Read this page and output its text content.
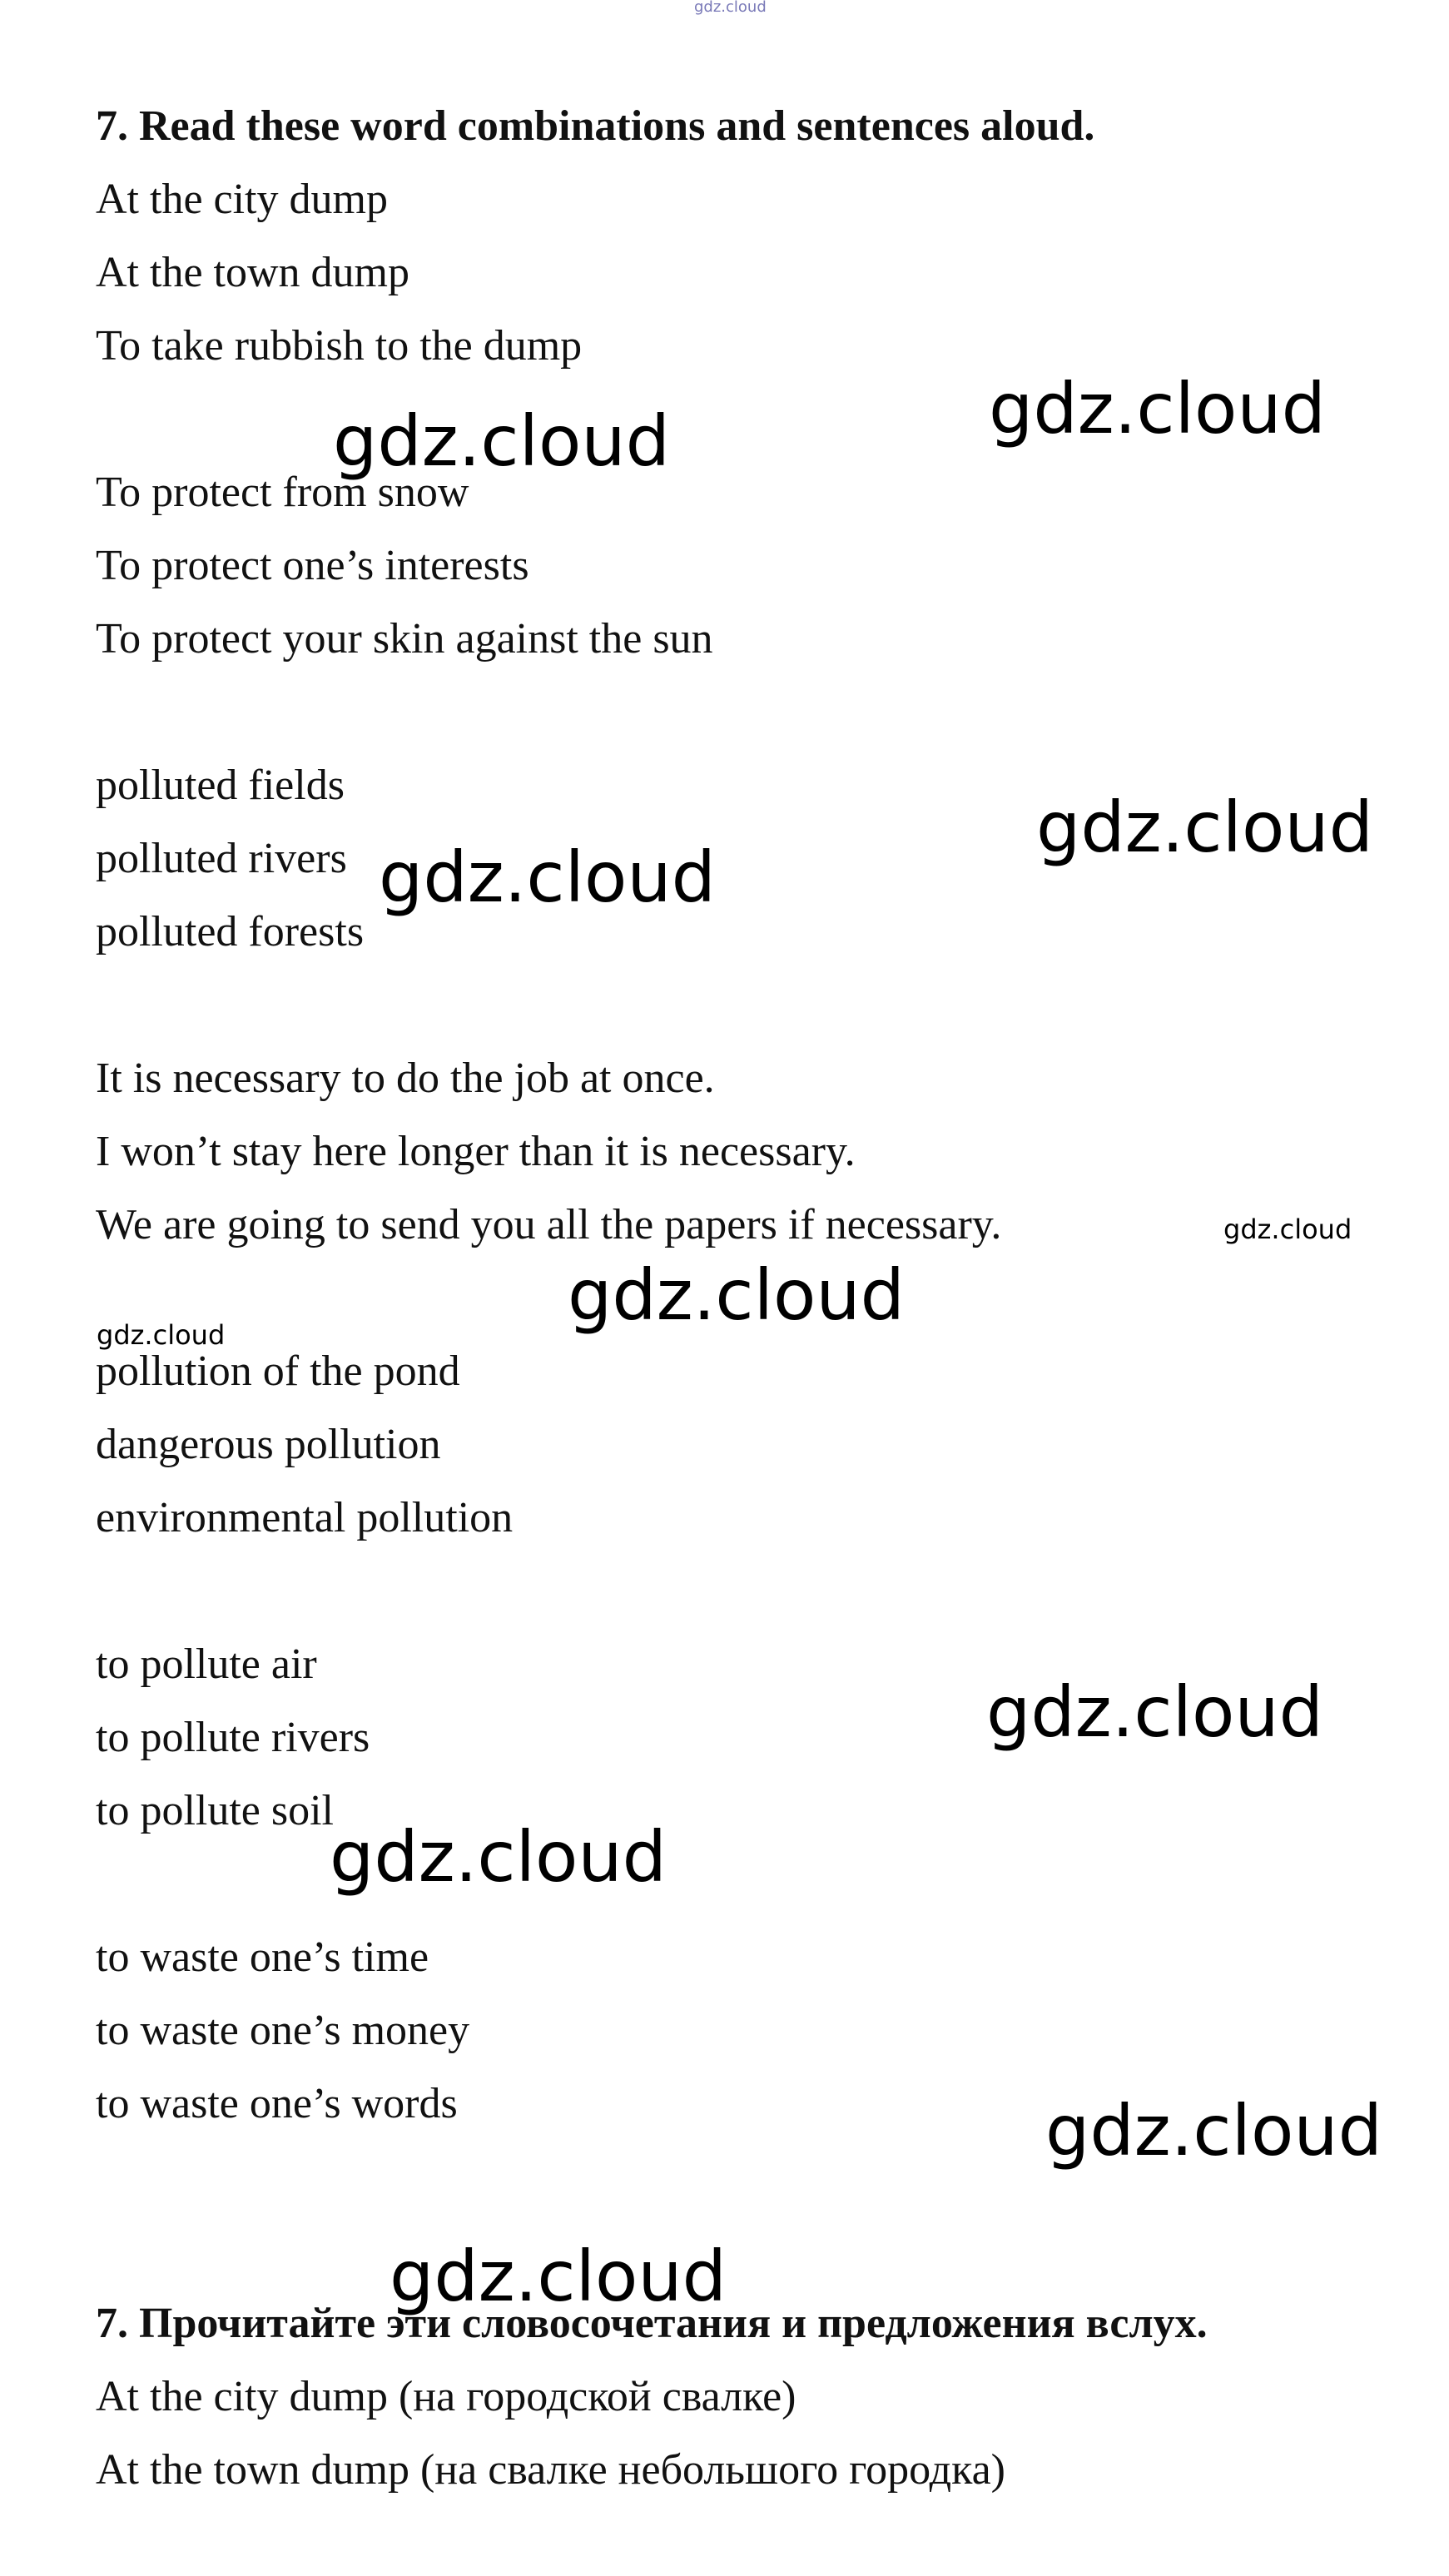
gdz.cloud
7. Read these word combinations and sentences aloud.
At the city dump
At the town dump
To take rubbish to the dump
To protect from snow
To protect one’s interests
To protect your skin against the sun
polluted fields
polluted rivers
polluted forests
It is necessary to do the job at once.
I won’t stay here longer than it is necessary.
We are going to send you all the papers if necessary.
pollution of the pond
dangerous pollution
environmental pollution
to pollute air
to pollute rivers
to pollute soil
to waste one’s time
to waste one’s money
to waste one’s words
7. Прочитайте эти словосочетания и предложения вслух.
At the city dump (на городской свалке)
At the town dump (на свалке небольшого городка)
gdz.cloud
gdz.cloud
gdz.cloud
gdz.cloud
gdz.cloud
gdz.cloud
gdz.cloud
gdz.cloud
gdz.cloud
gdz.cloud
gdz.cloud
